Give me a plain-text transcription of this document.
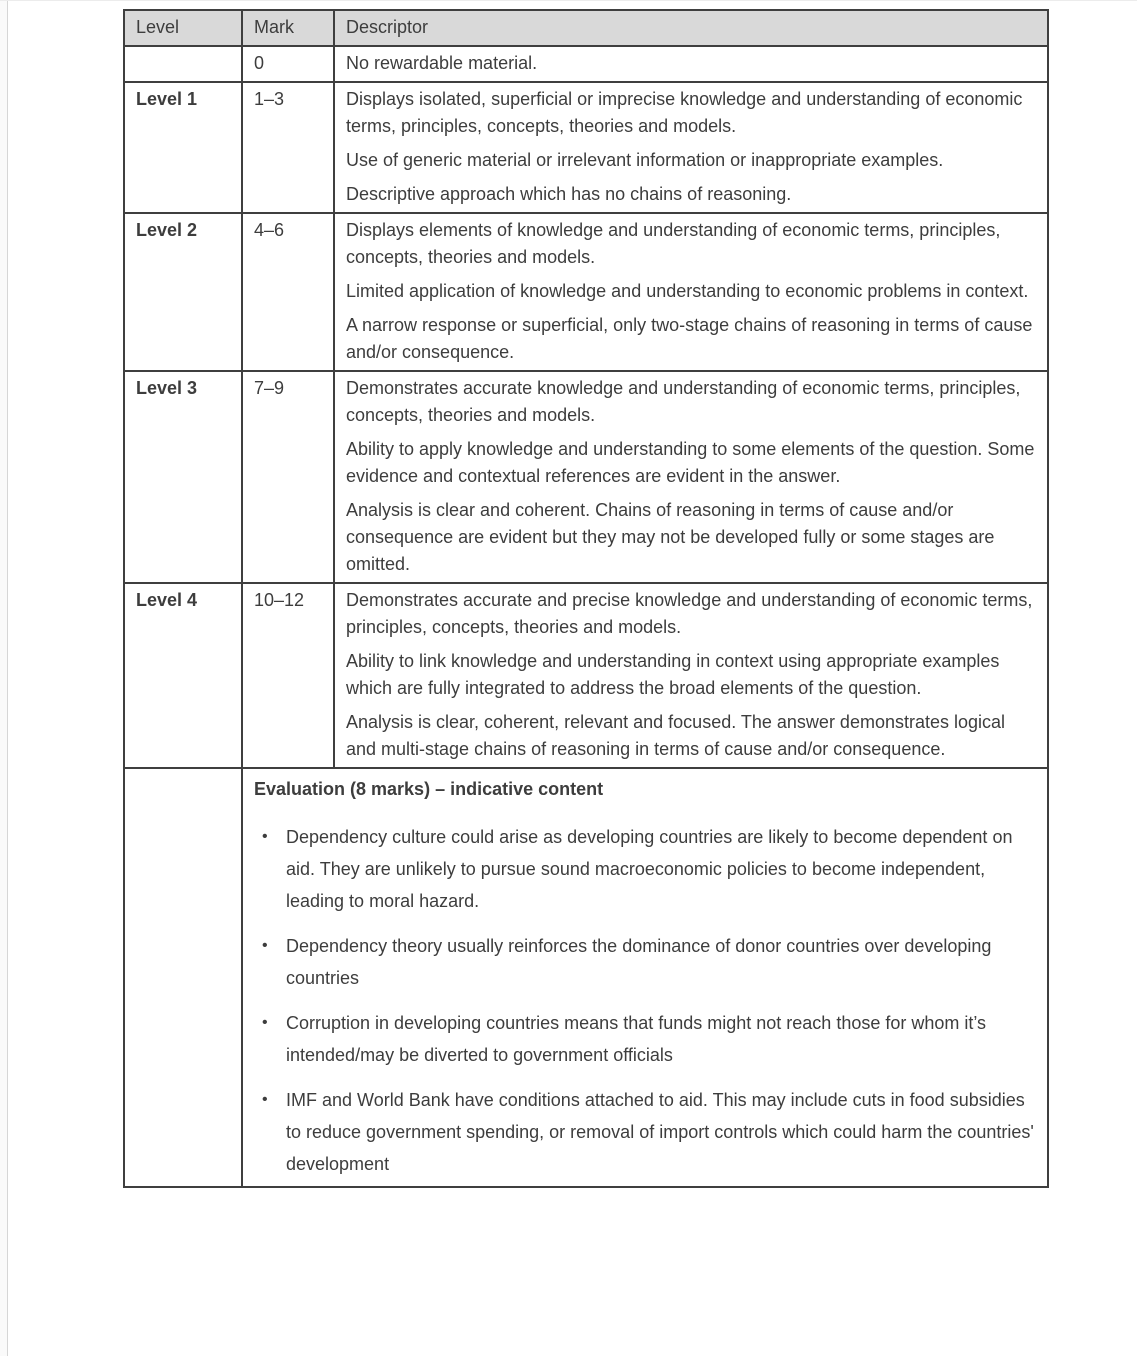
Level	Mark	Descriptor
	0	No rewardable material.

Level 1	1–3	Displays isolated, superficial or imprecise knowledge and understanding of economic terms, principles, concepts, theories and models.

Use of generic material or irrelevant information or inappropriate examples.

Descriptive approach which has no chains of reasoning.

Level 2	4–6	Displays elements of knowledge and understanding of economic terms, principles, concepts, theories and models.

Limited application of knowledge and understanding to economic problems in context.

A narrow response or superficial, only two-stage chains of reasoning in terms of cause and/or consequence.

Level 3	7–9	Demonstrates accurate knowledge and understanding of economic terms, principles, concepts, theories and models.

Ability to apply knowledge and understanding to some elements of the question. Some evidence and contextual references are evident in the answer.

Analysis is clear and coherent. Chains of reasoning in terms of cause and/or consequence are evident but they may not be developed fully or some stages are omitted.

Level 4	10–12	Demonstrates accurate and precise knowledge and understanding of economic terms, principles, concepts, theories and models.

Ability to link knowledge and understanding in context using appropriate examples which are fully integrated to address the broad elements of the question.

Analysis is clear, coherent, relevant and focused. The answer demonstrates logical and multi-stage chains of reasoning in terms of cause and/or consequence.

Evaluation (8 marks) – indicative content
•	Dependency culture could arise as developing countries are likely to become dependent on aid. They are unlikely to pursue sound macroeconomic policies to become independent, leading to moral hazard.
•	Dependency theory usually reinforces the dominance of donor countries over developing countries
•	Corruption in developing countries means that funds might not reach those for whom it’s intended/may be diverted to government officials
•	IMF and World Bank have conditions attached to aid. This may include cuts in food subsidies to reduce government spending, or removal of import controls which could harm the countries' development
